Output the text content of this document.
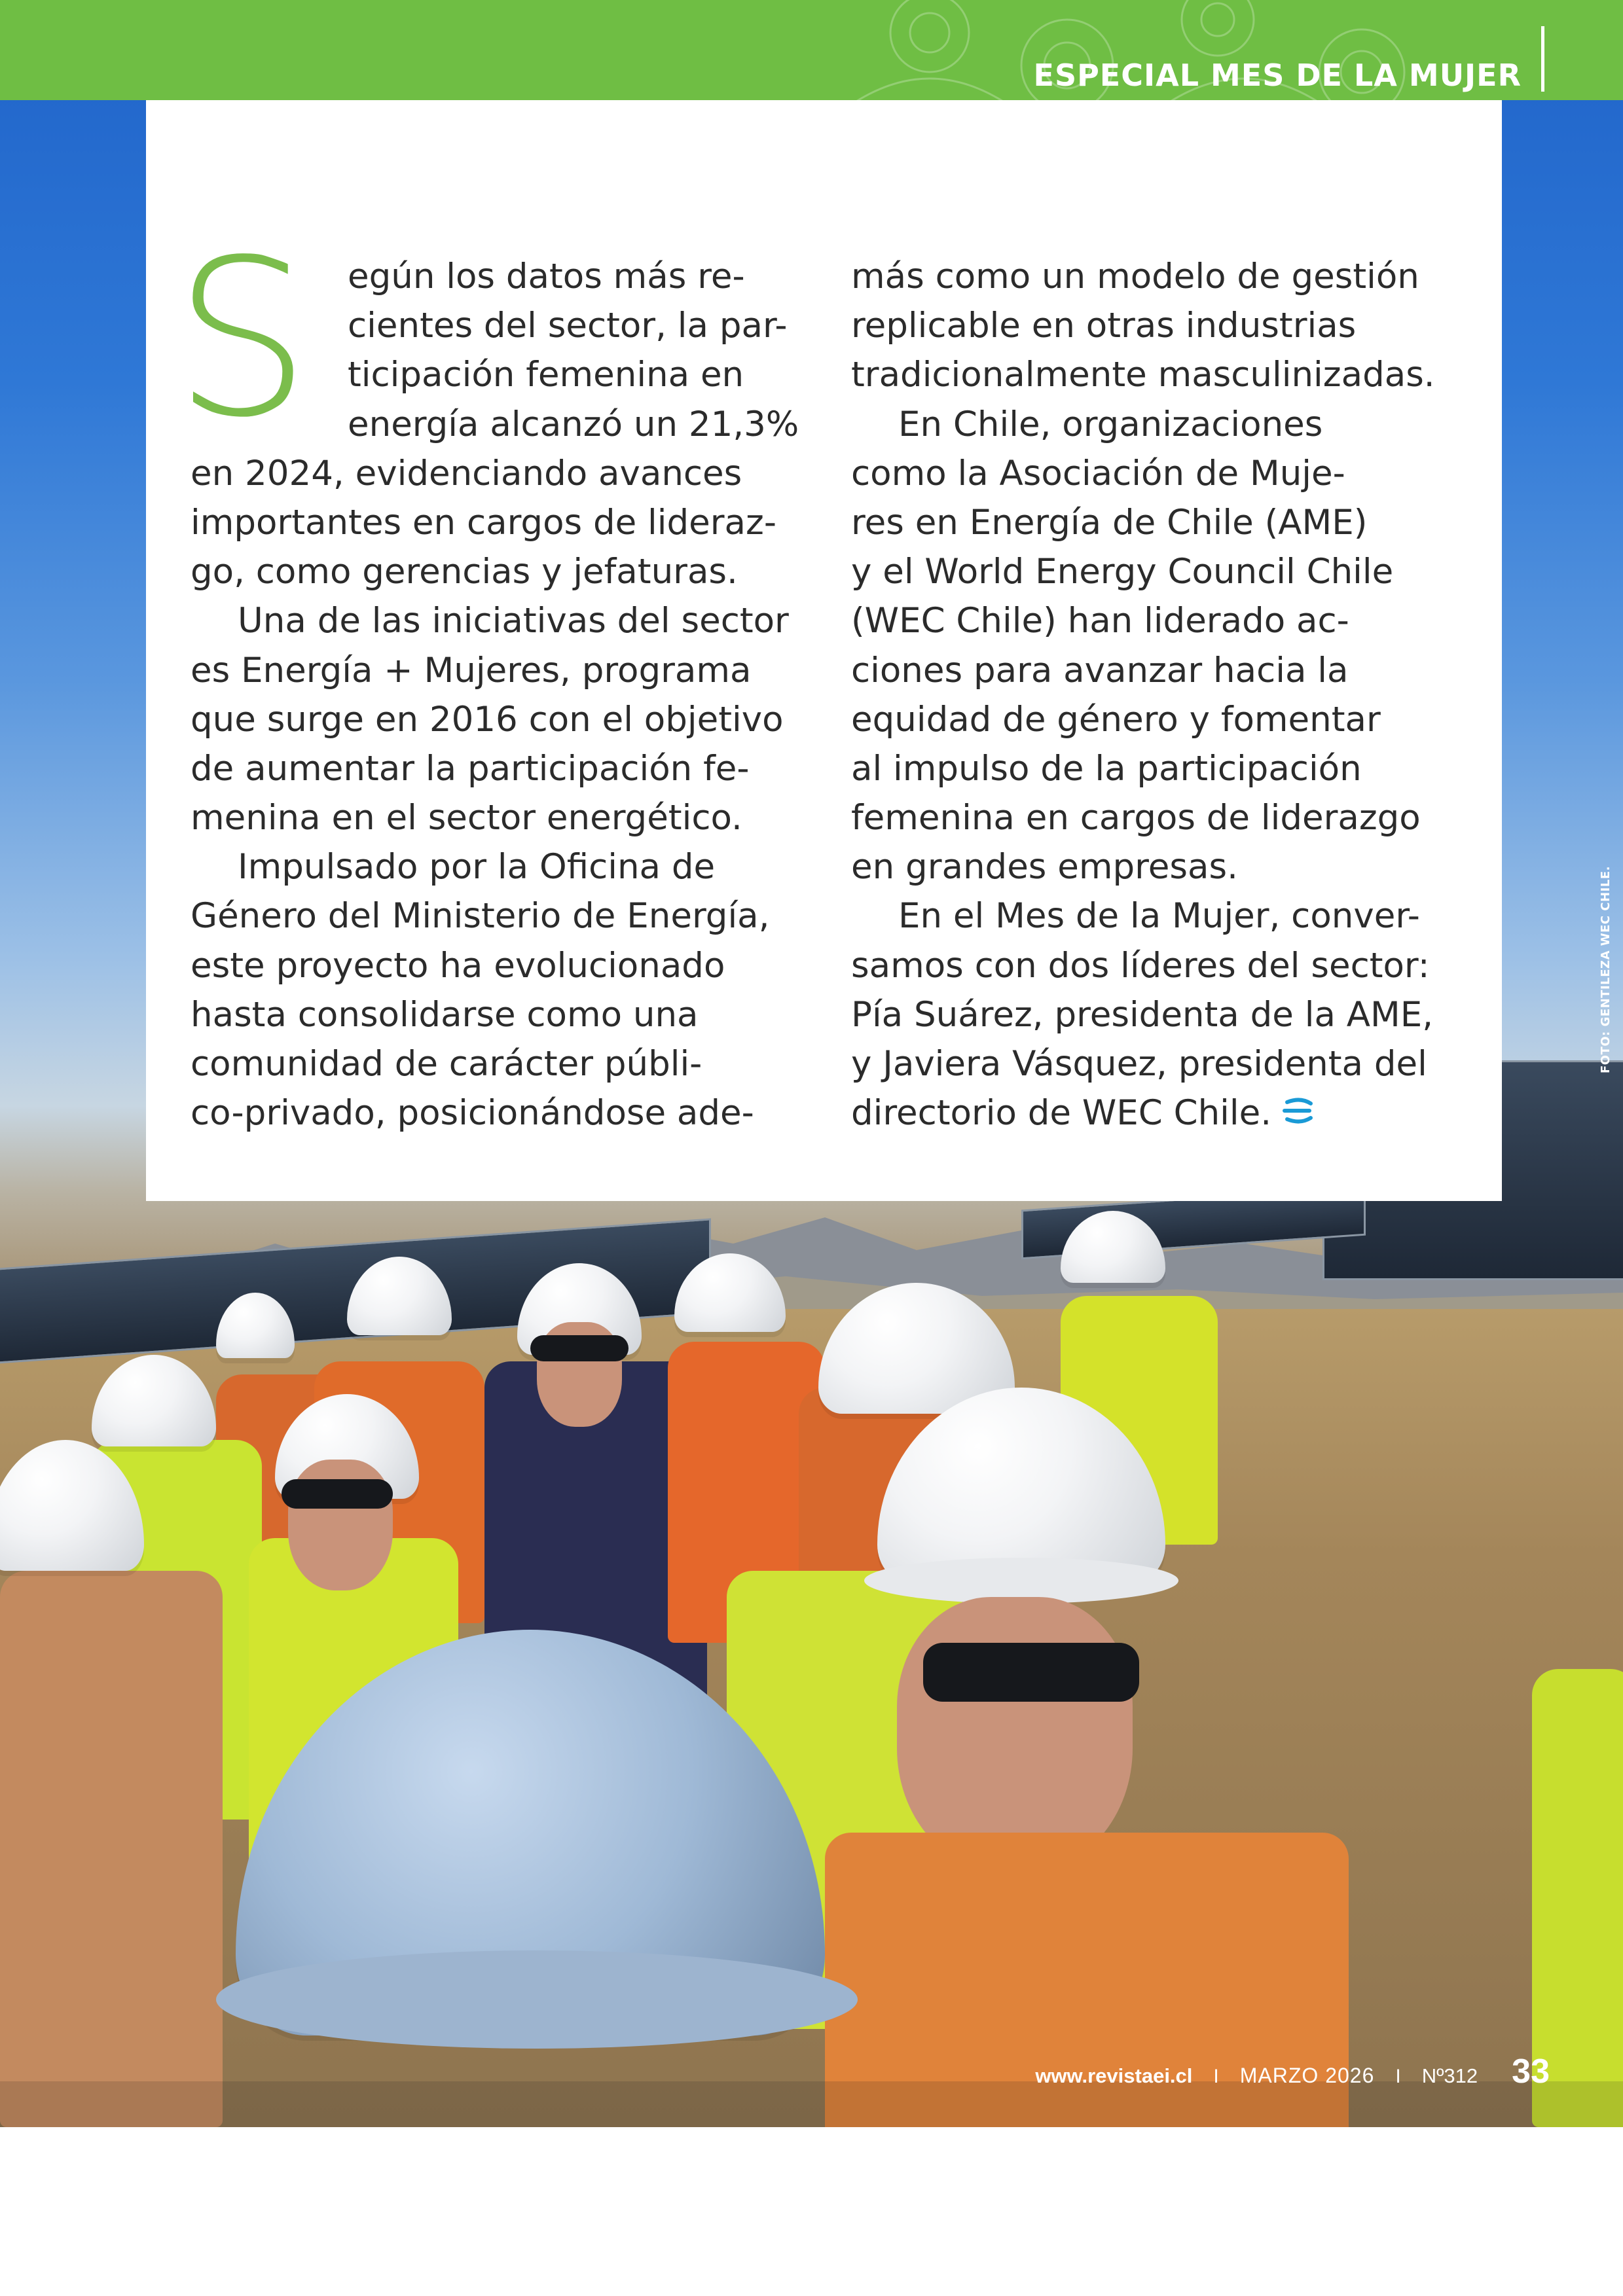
ESPECIAL MES DE LA MUJER
S	egún los datos más re-
cientes del sector, la par-
ticipación femenina en
energía alcanzó un 21,3%
en 2024, evidenciando avances
importantes en cargos de lideraz-
go, como gerencias y jefaturas.
Una de las iniciativas del sector
es Energía + Mujeres, programa
que surge en 2016 con el objetivo
de aumentar la participación fe-
menina en el sector energético.
Impulsado por la Oficina de
Género del Ministerio de Energía,
este proyecto ha evolucionado
hasta consolidarse como una
comunidad de carácter públi-
co-privado, posicionándose ade-
más como un modelo de gestión
replicable en otras industrias
tradicionalmente masculinizadas.
En Chile, organizaciones
como la Asociación de Muje-
res en Energía de Chile (AME)
y el World Energy Council Chile
(WEC Chile) han liderado ac-
ciones para avanzar hacia la
equidad de género y fomentar
al impulso de la participación
femenina en cargos de liderazgo
en grandes empresas.
En el Mes de la Mujer, conver-
samos con dos líderes del sector:
Pía Suárez, presidenta de la AME,
y Javiera Vásquez, presidenta del
directorio de WEC Chile.
FOTO: GENTILEZA WEC CHILE.
www.revistaei.cl I MARZO 2026 I Nº312 33
